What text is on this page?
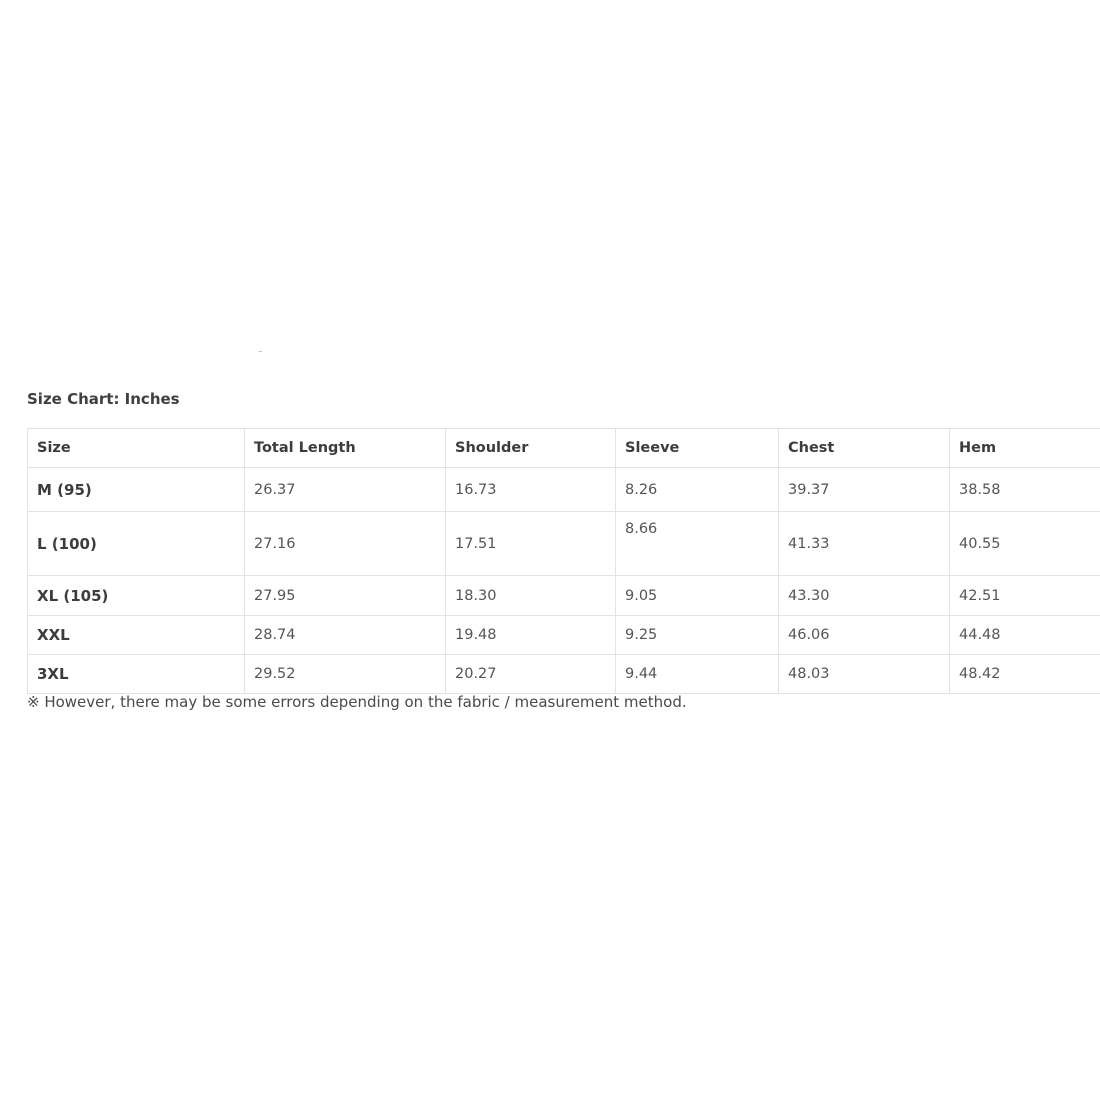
˜
Size Chart: Inches
Size	Total Length	Shoulder	Sleeve	Chest	Hem
M (95)	26.37	16.73	8.26	39.37	38.58
L (100)	27.16	17.51	8.66	41.33	40.55
XL (105)	27.95	18.30	9.05	43.30	42.51
XXL	28.74	19.48	9.25	46.06	44.48
3XL	29.52	20.27	9.44	48.03	48.42
※ However, there may be some errors depending on the fabric / measurement method.
